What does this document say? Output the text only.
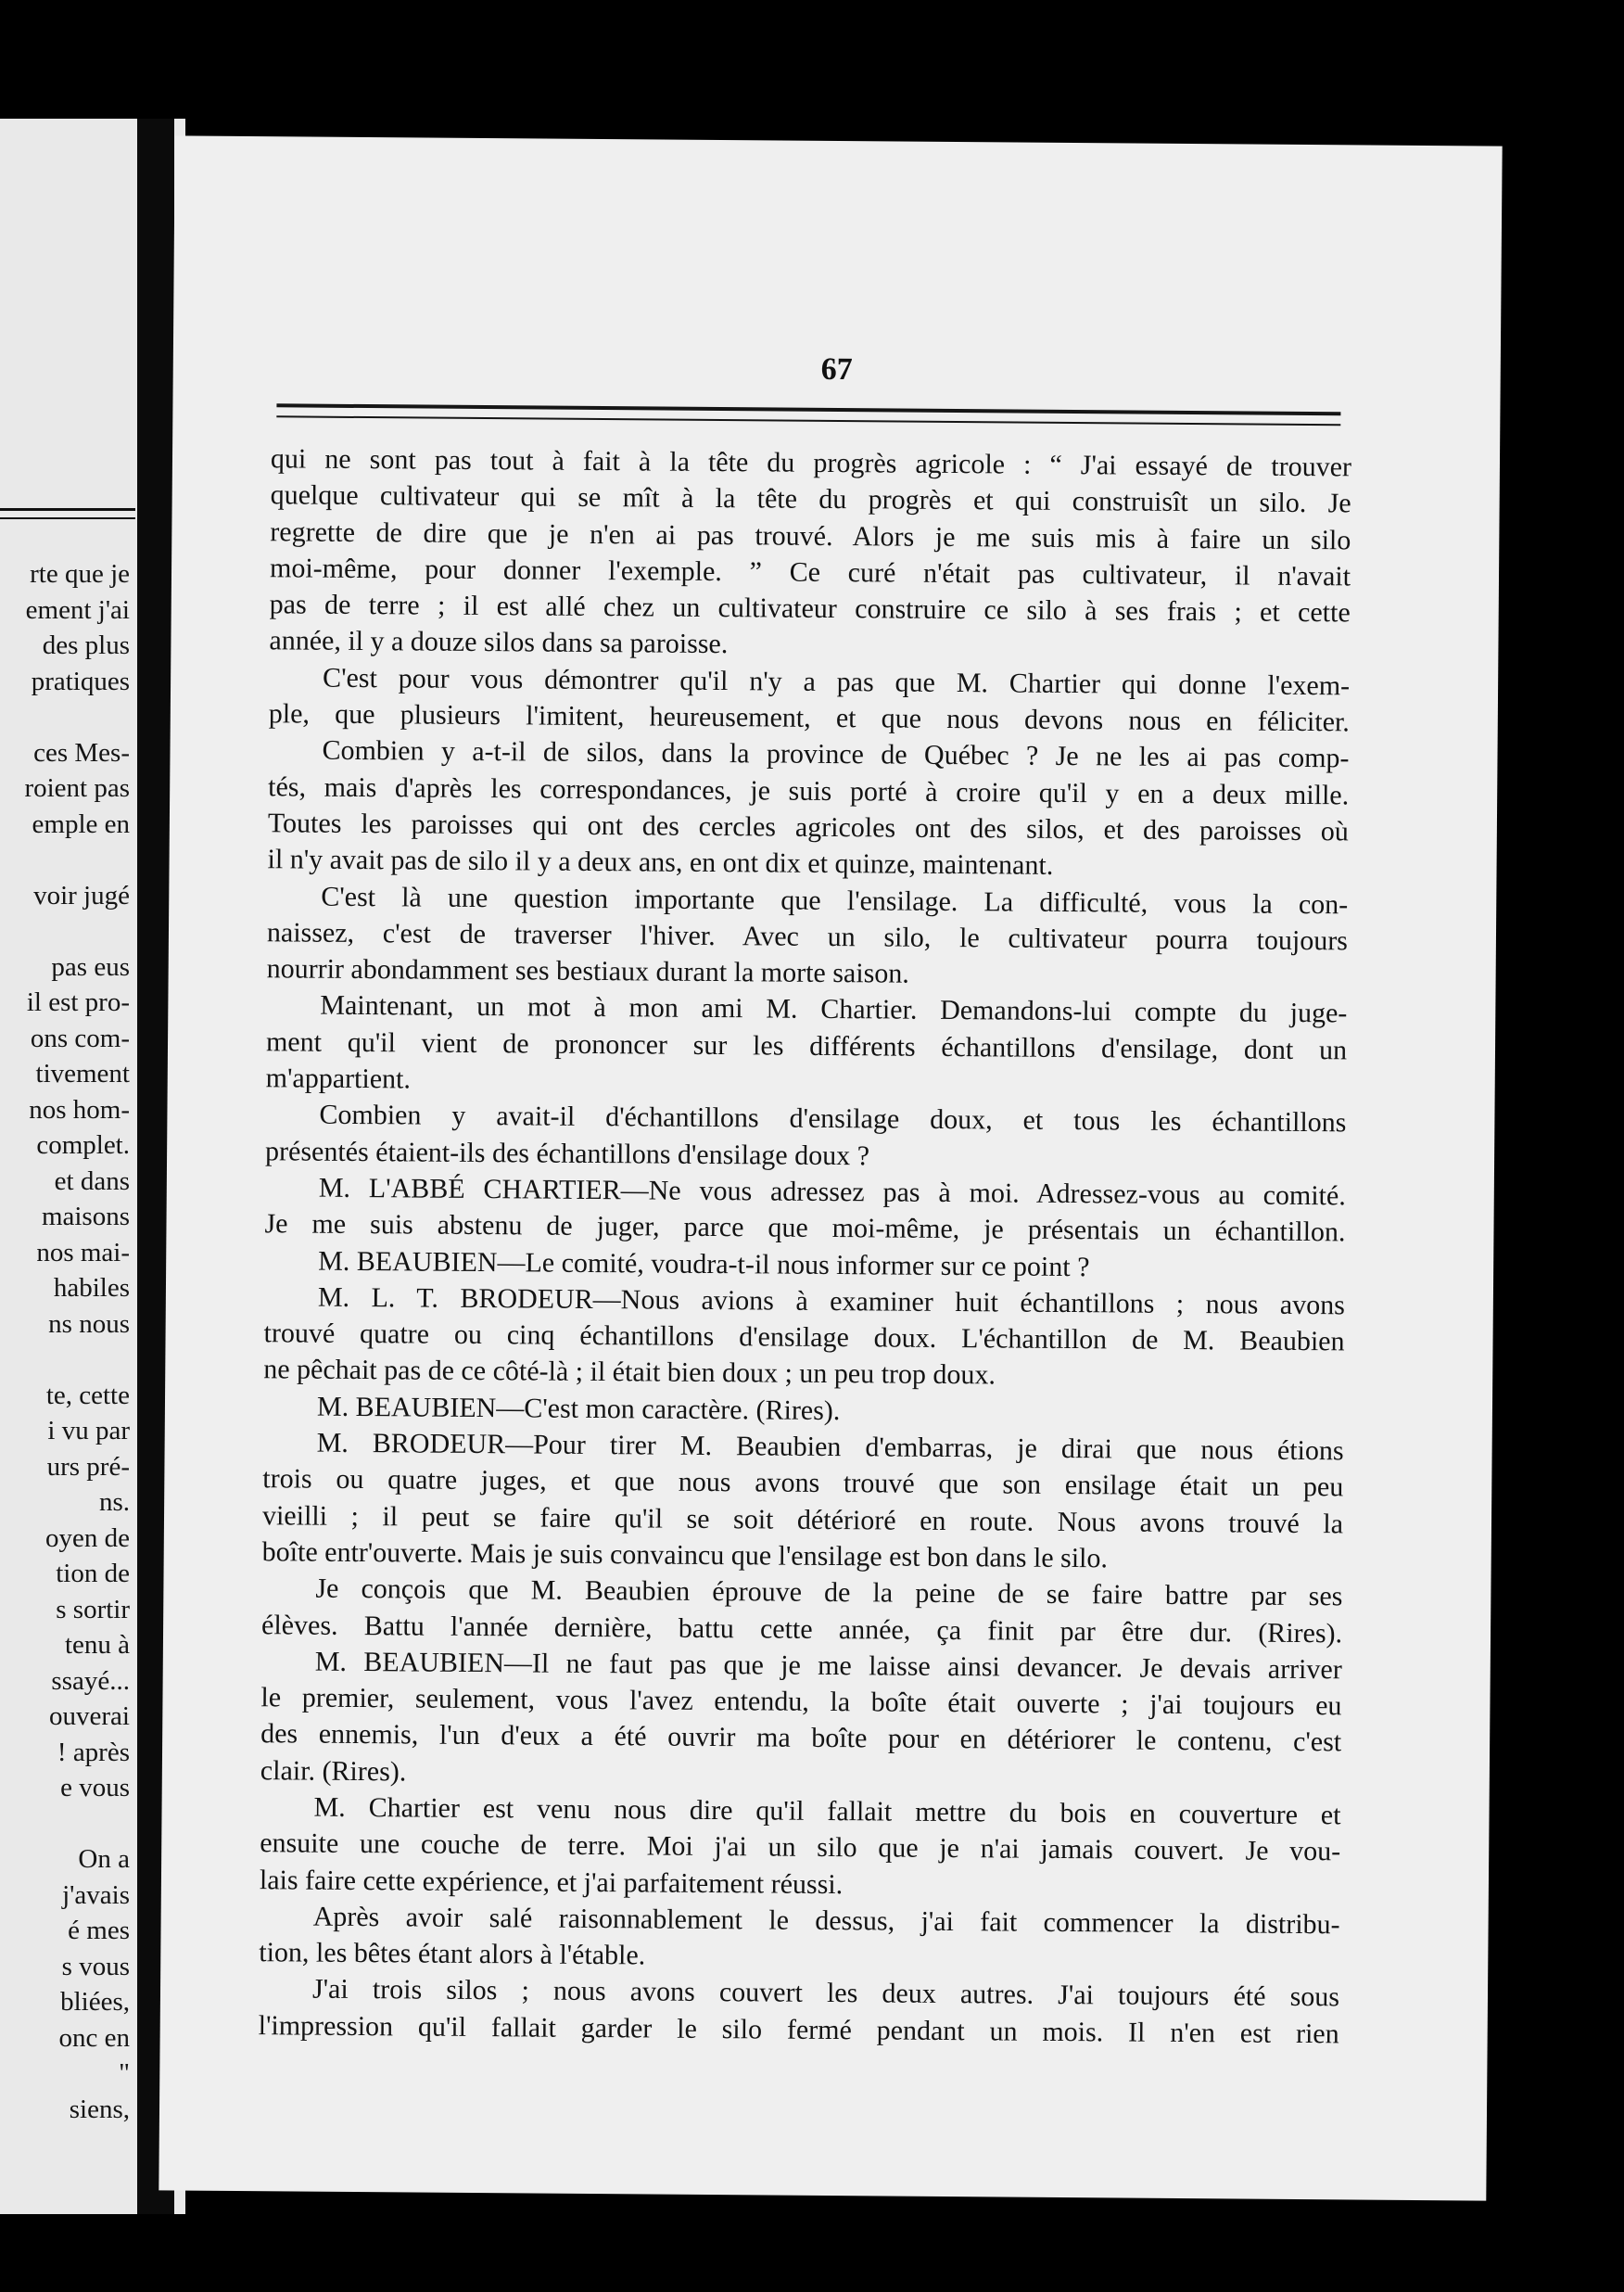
rte que je
ement j'ai
des plus
pratiques
ces Mes-
roient pas
emple en
voir jugé
pas eus
il est pro-
ons com-
tivement
nos hom-
complet.
et dans
maisons
nos mai-
habiles
ns nous
te, cette
i vu par
urs pré-
ns.
oyen de
tion de
s sortir
tenu à
ssayé...
ouverai
! après
e vous
On a
j'avais
é mes
s vous
bliées,
onc en
"
siens,
67
qui ne sont pas tout à fait à la tête du progrès agricole : “ J'ai essayé de trouver
quelque cultivateur qui se mît à la tête du progrès et qui construisît un silo. Je
regrette de dire que je n'en ai pas trouvé. Alors je me suis mis à faire un silo
moi-même, pour donner l'exemple. ” Ce curé n'était pas cultivateur, il n'avait
pas de terre ; il est allé chez un cultivateur construire ce silo à ses frais ; et cette
année, il y a douze silos dans sa paroisse.
C'est pour vous démontrer qu'il n'y a pas que M. Chartier qui donne l'exem-
ple, que plusieurs l'imitent, heureusement, et que nous devons nous en féliciter.
Combien y a-t-il de silos, dans la province de Québec ? Je ne les ai pas comp-
tés, mais d'après les correspondances, je suis porté à croire qu'il y en a deux mille.
Toutes les paroisses qui ont des cercles agricoles ont des silos, et des paroisses où
il n'y avait pas de silo il y a deux ans, en ont dix et quinze, maintenant.
C'est là une question importante que l'ensilage. La difficulté, vous la con-
naissez, c'est de traverser l'hiver. Avec un silo, le cultivateur pourra toujours
nourrir abondamment ses bestiaux durant la morte saison.
Maintenant, un mot à mon ami M. Chartier. Demandons-lui compte du juge-
ment qu'il vient de prononcer sur les différents échantillons d'ensilage, dont un
m'appartient.
Combien y avait-il d'échantillons d'ensilage doux, et tous les échantillons
présentés étaient-ils des échantillons d'ensilage doux ?
M. L'ABBÉ CHARTIER—Ne vous adressez pas à moi. Adressez-vous au comité.
Je me suis abstenu de juger, parce que moi-même, je présentais un échantillon.
M. BEAUBIEN—Le comité, voudra-t-il nous informer sur ce point ?
M. L. T. BRODEUR—Nous avions à examiner huit échantillons ; nous avons
trouvé quatre ou cinq échantillons d'ensilage doux. L'échantillon de M. Beaubien
ne pêchait pas de ce côté-là ; il était bien doux ; un peu trop doux.
M. BEAUBIEN—C'est mon caractère. (Rires).
M. BRODEUR—Pour tirer M. Beaubien d'embarras, je dirai que nous étions
trois ou quatre juges, et que nous avons trouvé que son ensilage était un peu
vieilli ; il peut se faire qu'il se soit détérioré en route. Nous avons trouvé la
boîte entr'ouverte. Mais je suis convaincu que l'ensilage est bon dans le silo.
Je conçois que M. Beaubien éprouve de la peine de se faire battre par ses
élèves. Battu l'année dernière, battu cette année, ça finit par être dur. (Rires).
M. BEAUBIEN—Il ne faut pas que je me laisse ainsi devancer. Je devais arriver
le premier, seulement, vous l'avez entendu, la boîte était ouverte ; j'ai toujours eu
des ennemis, l'un d'eux a été ouvrir ma boîte pour en détériorer le contenu, c'est
clair. (Rires).
M. Chartier est venu nous dire qu'il fallait mettre du bois en couverture et
ensuite une couche de terre. Moi j'ai un silo que je n'ai jamais couvert. Je vou-
lais faire cette expérience, et j'ai parfaitement réussi.
Après avoir salé raisonnablement le dessus, j'ai fait commencer la distribu-
tion, les bêtes étant alors à l'étable.
J'ai trois silos ; nous avons couvert les deux autres. J'ai toujours été sous
l'impression qu'il fallait garder le silo fermé pendant un mois. Il n'en est rien
